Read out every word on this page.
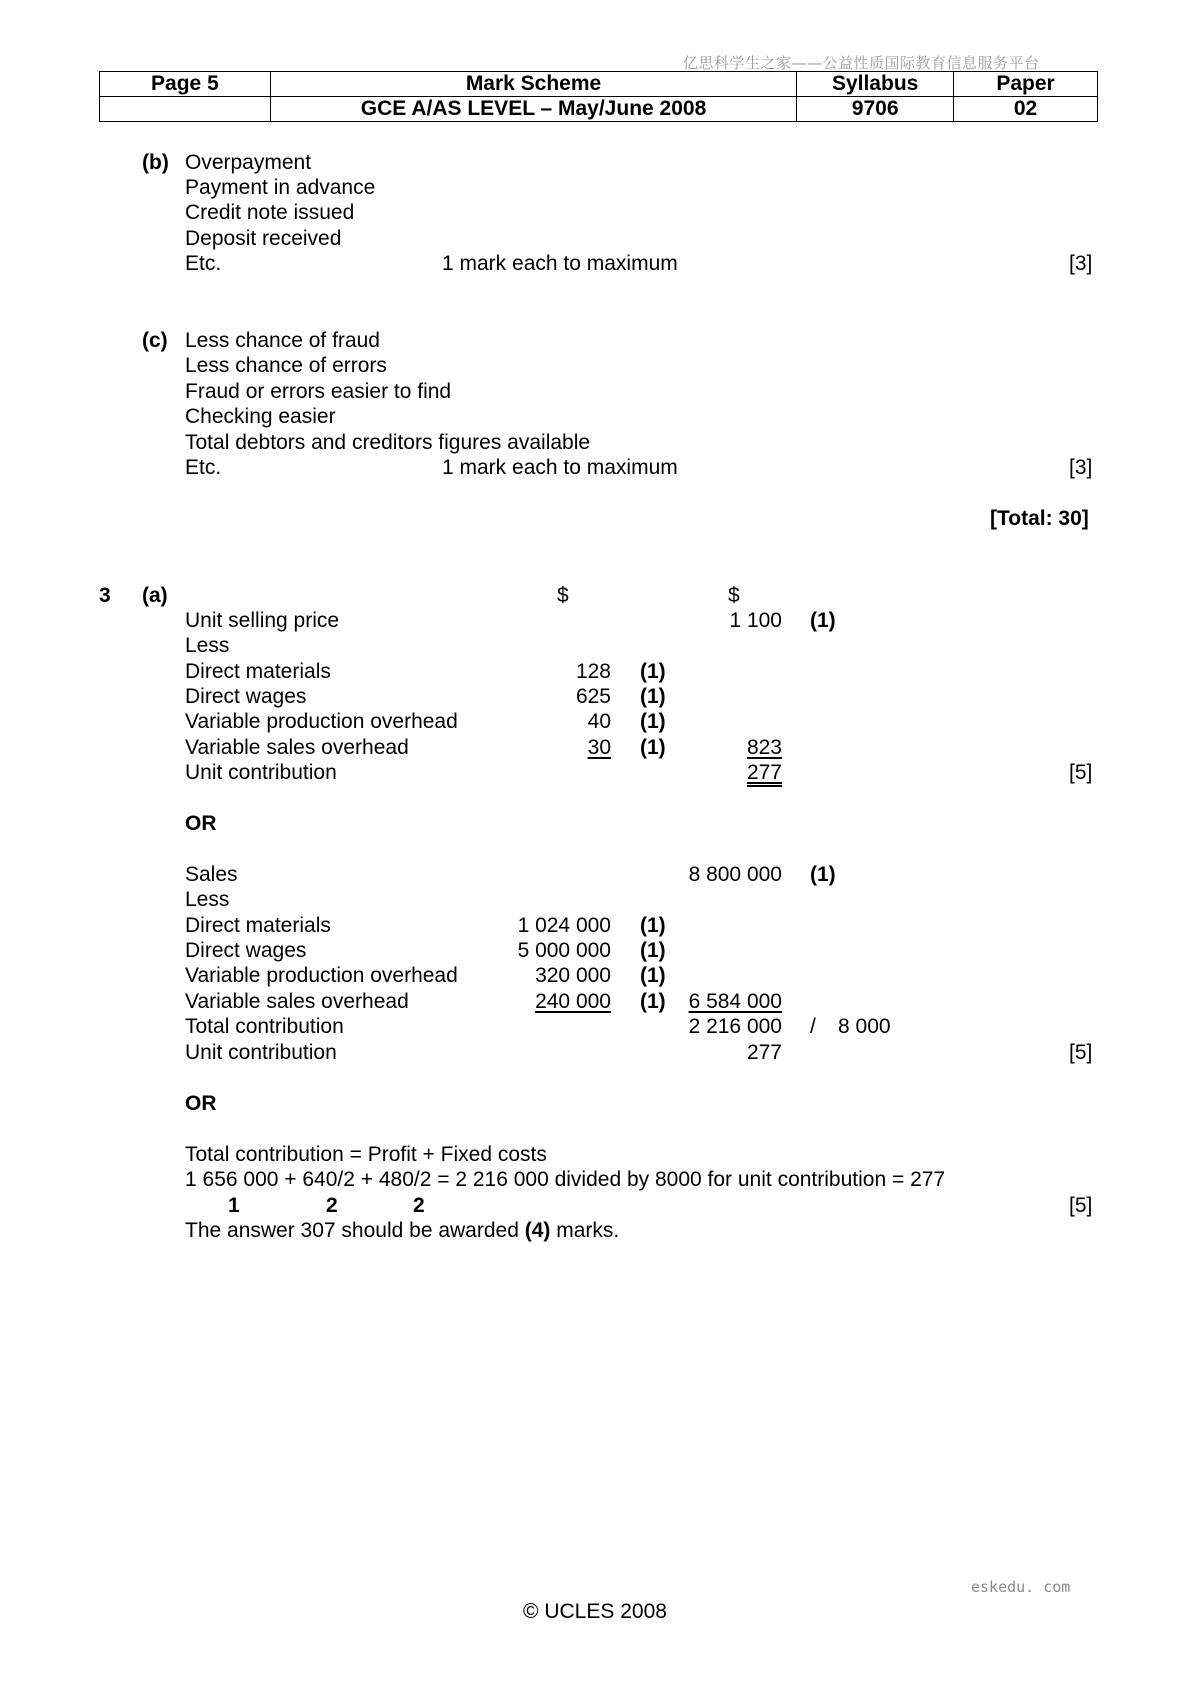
亿思科学生之家——公益性质国际教育信息服务平台
Page 5	Mark Scheme	Syllabus	Paper
	GCE A/AS LEVEL – May/June 2008	9706	02
(b) Overpayment
Payment in advance
Credit note issued
Deposit received
Etc.	1 mark each to maximum	[3]
(c) Less chance of fraud
Less chance of errors
Fraud or errors easier to find
Checking easier
Total debtors and creditors figures available
Etc.	1 mark each to maximum	[3]
[Total: 30]
3 (a)	$	$
Unit selling price	1 100 (1)
Less
Direct materials	128 (1)
Direct wages	625 (1)
Variable production overhead	40 (1)
Variable sales overhead	30 (1)	823
Unit contribution	277	[5]
OR
Sales	8 800 000 (1)
Less
Direct materials	1 024 000 (1)
Direct wages	5 000 000 (1)
Variable production overhead	320 000 (1)
Variable sales overhead	240 000 (1)	6 584 000
Total contribution	2 216 000 / 8 000
Unit contribution	277	[5]
OR
Total contribution = Profit + Fixed costs
1 656 000 + 640/2 + 480/2 = 2 216 000 divided by 8000 for unit contribution = 277
1	2	2	[5]
The answer 307 should be awarded (4) marks.
eskedu. com
© UCLES 2008
